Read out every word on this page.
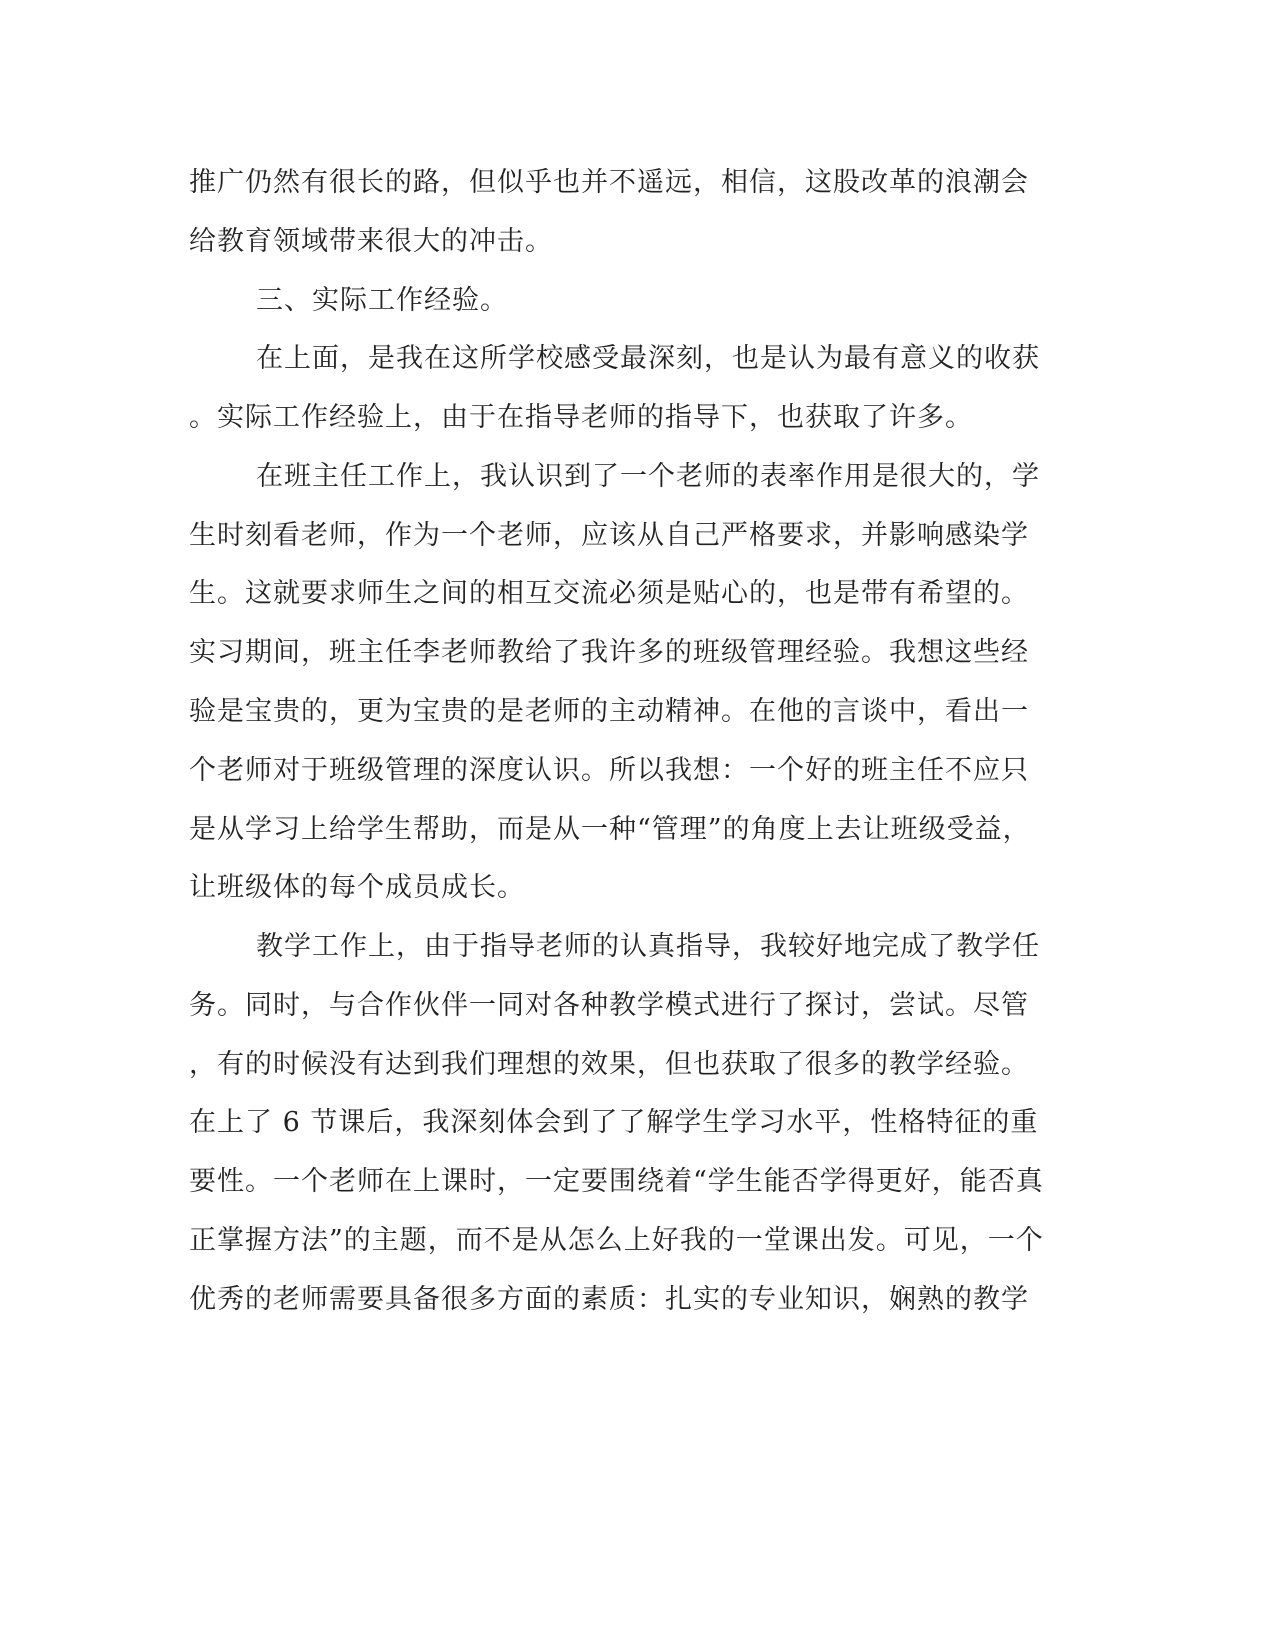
推广仍然有很长的路，但似乎也并不遥远，相信，这股改革的浪潮会
给教育领域带来很大的冲击。
三、实际工作经验。
在上面，是我在这所学校感受最深刻，也是认为最有意义的收获
。实际工作经验上，由于在指导老师的指导下，也获取了许多。
在班主任工作上，我认识到了一个老师的表率作用是很大的，学
生时刻看老师，作为一个老师，应该从自己严格要求，并影响感染学
生。这就要求师生之间的相互交流必须是贴心的，也是带有希望的。
实习期间，班主任李老师教给了我许多的班级管理经验。我想这些经
验是宝贵的，更为宝贵的是老师的主动精神。在他的言谈中，看出一
个老师对于班级管理的深度认识。所以我想：一个好的班主任不应只
是从学习上给学生帮助，而是从一种“管理”的角度上去让班级受益，
让班级体的每个成员成长。
教学工作上，由于指导老师的认真指导，我较好地完成了教学任
务。同时，与合作伙伴一同对各种教学模式进行了探讨，尝试。尽管
，有的时候没有达到我们理想的效果，但也获取了很多的教学经验。
在上了 6 节课后，我深刻体会到了了解学生学习水平，性格特征的重
要性。一个老师在上课时，一定要围绕着“学生能否学得更好，能否真
正掌握方法”的主题，而不是从怎么上好我的一堂课出发。可见，一个
优秀的老师需要具备很多方面的素质：扎实的专业知识，娴熟的教学
